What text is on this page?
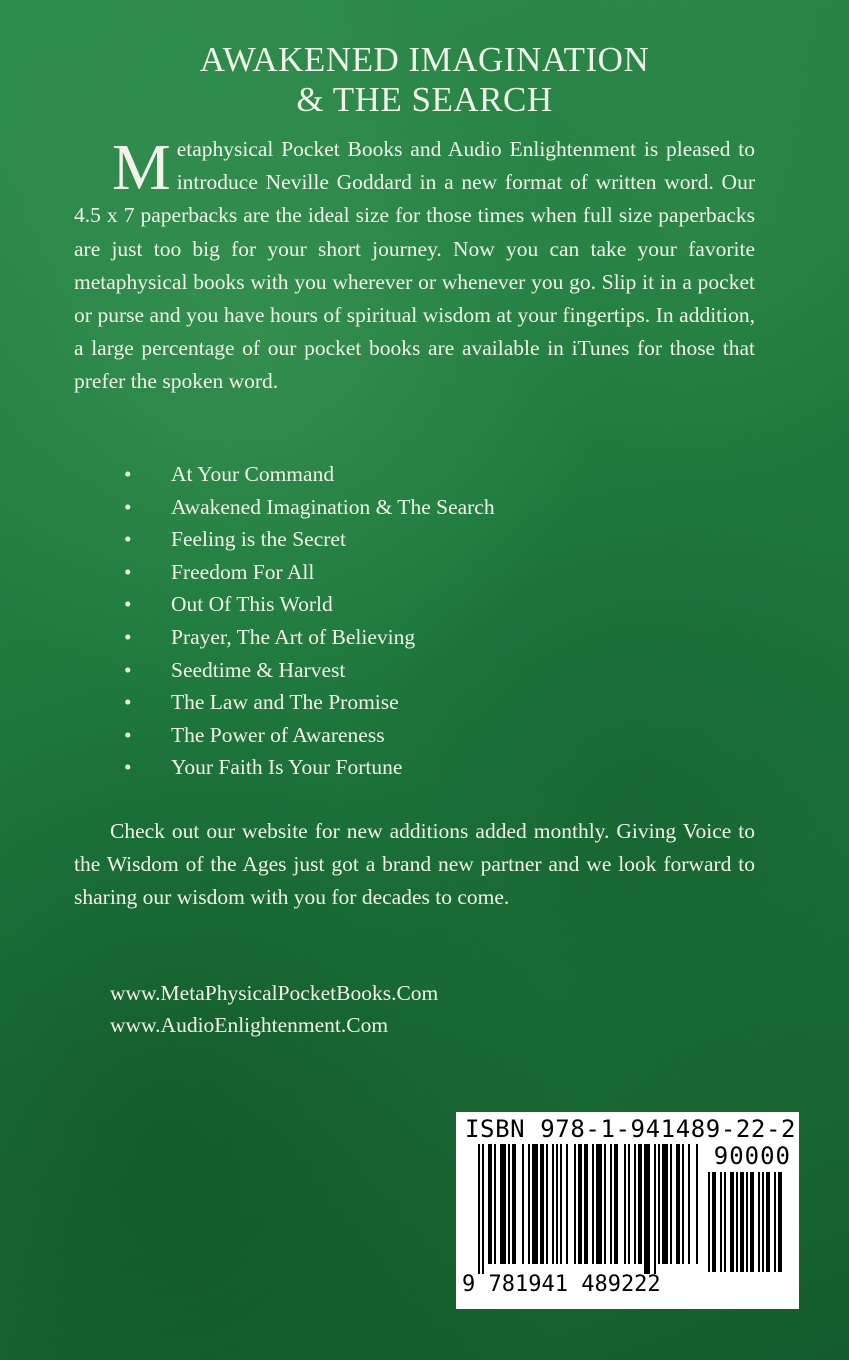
AWAKENED IMAGINATION
& THE SEARCH

Metaphysical Pocket Books and Audio Enlightenment is pleased to introduce Neville Goddard in a new format of written word. Our 4.5 x 7 paperbacks are the ideal size for those times when full size paperbacks are just too big for your short journey. Now you can take your favorite metaphysical books with you wherever or whenever you go. Slip it in a pocket or purse and you have hours of spiritual wisdom at your fingertips. In addition, a large percentage of our pocket books are available in iTunes for those that prefer the spoken word.

• At Your Command
• Awakened Imagination & The Search
• Feeling is the Secret
• Freedom For All
• Out Of This World
• Prayer, The Art of Believing
• Seedtime & Harvest
• The Law and The Promise
• The Power of Awareness
• Your Faith Is Your Fortune

Check out our website for new additions added monthly. Giving Voice to the Wisdom of the Ages just got a brand new partner and we look forward to sharing our wisdom with you for decades to come.

www.MetaPhysicalPocketBooks.Com
www.AudioEnlightenment.Com
ISBN 978-1-941489-22-2
90000
9 781941 489222
